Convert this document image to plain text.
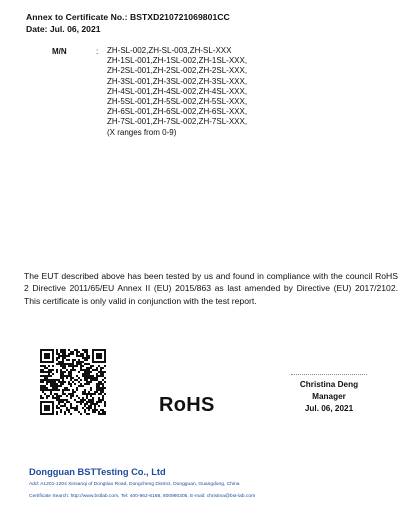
Annex to Certificate No.: BSTXD210721069801CC
Date: Jul. 06, 2021
M/N	: ZH-SL-002,ZH-SL-003,ZH-SL-XXX
ZH-1SL-001,ZH-1SL-002,ZH-1SL-XXX,
ZH-2SL-001,ZH-2SL-002,ZH-2SL-XXX,
ZH-3SL-001,ZH-3SL-002,ZH-3SL-XXX,
ZH-4SL-001,ZH-4SL-002,ZH-4SL-XXX,
ZH-5SL-001,ZH-5SL-002,ZH-5SL-XXX,
ZH-6SL-001,ZH-6SL-002,ZH-6SL-XXX,
ZH-7SL-001,ZH-7SL-002,ZH-7SL-XXX,
(X ranges from 0-9)
The EUT described above has been tested by us and found in compliance with the council RoHS 2 Directive 2011/65/EU Annex II (EU) 2015/863 as last amended by Directive (EU) 2017/2102. This certificate is only valid in conjunction with the test report.
RoHS
Christina Deng
Manager
Jul. 06, 2021
Dongguan BSTTesting Co., Ltd
Add: A1201-1204 Xinsanqi of Dongtiao Road, Dongcheng District, Dongguan, Guangdong, China
Certificate Search: http://www.bstlab.com, Tel: 400-962-6168, 800990305, E-mail: christina@bst-lab.com
